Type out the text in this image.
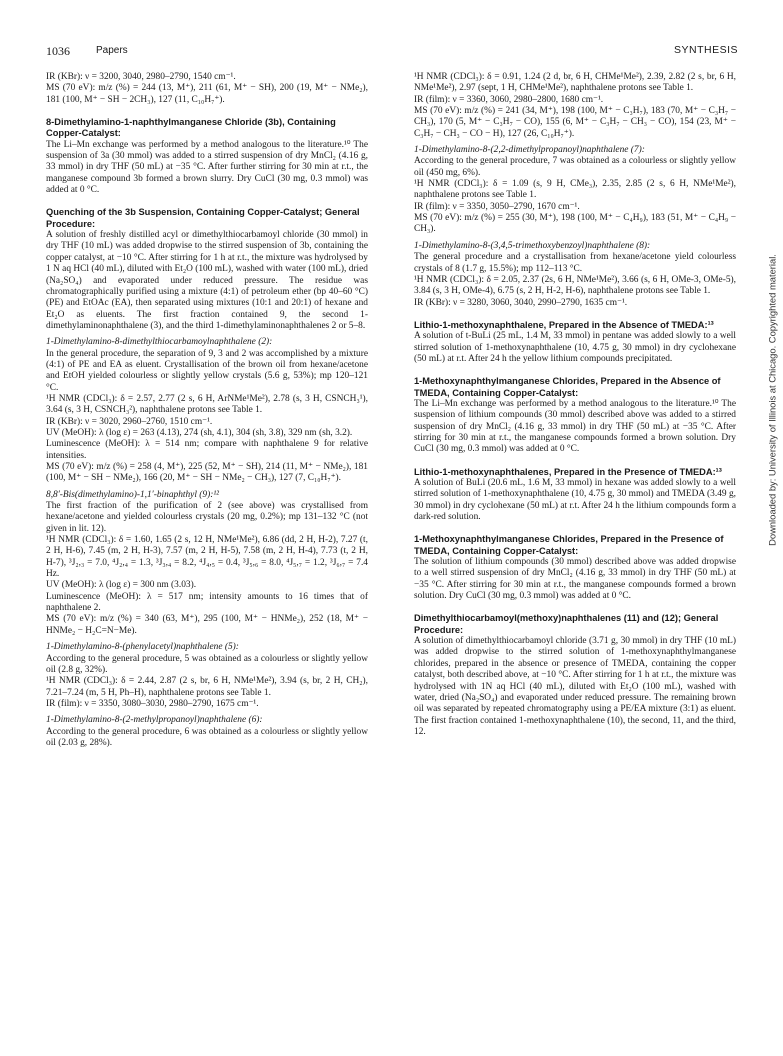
1036	Papers	SYNTHESIS

IR (KBr): ν = 3200, 3040, 2980–2790, 1540 cm⁻¹.

MS (70 eV): m/z (%) = 244 (13, M⁺), 211 (61, M⁺ − SH), 200 (19, M⁺ − NMe₂), 181 (100, M⁺ − SH − 2CH₃), 127 (11, C₁₀H₇⁺).

8-Dimethylamino-1-naphthylmanganese Chloride (3b), Containing Copper-Catalyst:

The Li–Mn exchange was performed by a method analogous to the literature.¹⁰ The suspension of 3a (30 mmol) was added to a stirred suspension of dry MnCl₂ (4.16 g, 33 mmol) in dry THF (50 mL) at −35 °C. After further stirring for 30 min at r.t., the manganese compound 3b formed a brown slurry. Dry CuCl (30 mg, 0.3 mmol) was added at 0 °C.

Quenching of the 3b Suspension, Containing Copper-Catalyst; General Procedure:

A solution of freshly distilled acyl or dimethylthiocarbamoyl chloride (30 mmol) in dry THF (10 mL) was added dropwise to the stirred suspension of 3b, containing the copper catalyst, at −10 °C. After stirring for 1 h at r.t., the mixture was hydrolysed by 1 N aq HCl (40 mL), diluted with Et₂O (100 mL), washed with water (100 mL), dried (Na₂SO₄) and evaporated under reduced pressure. The residue was chromatographically purified using a mixture (4:1) of petroleum ether (bp 40–60 °C) (PE) and EtOAc (EA), then separated using mixtures (10:1 and 20:1) of hexane and Et₂O as eluents. The first fraction contained 9, the second 1-dimethylaminonaphthalene (3), and the third 1-dimethylaminonaphthalenes 2 or 5–8.

1-Dimethylamino-8-dimethylthiocarbamoylnaphthalene (2):

In the general procedure, the separation of 9, 3 and 2 was accomplished by a mixture (4:1) of PE and EA as eluent. Crystallisation of the brown oil from hexane/acetone and EtOH yielded colourless or slightly yellow crystals (5.6 g, 53%); mp 120–121 °C.

¹H NMR (CDCl₃): δ = 2.57, 2.77 (2 s, 6 H, ArNMe¹Me²), 2.78 (s, 3 H, CSNCH₃¹), 3.64 (s, 3 H, CSNCH₃²), naphthalene protons see Table 1.

IR (KBr): ν = 3020, 2960–2760, 1510 cm⁻¹.

UV (MeOH): λ (log ε) = 263 (4.13), 274 (sh, 4.1), 304 (sh, 3.8), 329 nm (sh, 3.2).

Luminescence (MeOH): λ = 514 nm; compare with naphthalene 9 for relative intensities.

MS (70 eV): m/z (%) = 258 (4, M⁺), 225 (52, M⁺ − SH), 214 (11, M⁺ − NMe₂), 181 (100, M⁺ − SH − NMe₂), 166 (20, M⁺ − SH − NMe₂ − CH₃), 127 (7, C₁₀H₇⁺).

8,8′-Bis(dimethylamino)-1,1′-binaphthyl (9):¹²

The first fraction of the purification of 2 (see above) was crystallised from hexane/acetone and yielded colourless crystals (20 mg, 0.2%); mp 131–132 °C (not given in lit. 12).

¹H NMR (CDCl₃): δ = 1.60, 1.65 (2 s, 12 H, NMe¹Me²), 6.86 (dd, 2 H, H-2), 7.27 (t, 2 H, H-6), 7.45 (m, 2 H, H-3), 7.57 (m, 2 H, H-5), 7.58 (m, 2 H, H-4), 7.73 (t, 2 H, H-7), ³J₂,₃ = 7.0, ⁴J₂,₄ = 1.3, ³J₃,₄ = 8.2, ⁴J₄,₅ = 0.4, ³J₅,₆ = 8.0, ⁴J₅,₇ = 1.2, ³J₆,₇ = 7.4 Hz.

UV (MeOH): λ (log ε) = 300 nm (3.03).

Luminescence (MeOH): λ = 517 nm; intensity amounts to 16 times that of naphthalene 2.

MS (70 eV): m/z (%) = 340 (63, M⁺), 295 (100, M⁺ − HNMe₂), 252 (18, M⁺ − HNMe₂ − H₂C=N−Me).

1-Dimethylamino-8-(phenylacetyl)naphthalene (5):

According to the general procedure, 5 was obtained as a colourless or slightly yellow oil (2.8 g, 32%).

¹H NMR (CDCl₃): δ = 2.44, 2.87 (2 s, br, 6 H, NMe¹Me²), 3.94 (s, br, 2 H, CH₂), 7.21–7.24 (m, 5 H, Ph–H), naphthalene protons see Table 1.

IR (film): ν = 3350, 3080–3030, 2980–2790, 1675 cm⁻¹.

1-Dimethylamino-8-(2-methylpropanoyl)naphthalene (6):

According to the general procedure, 6 was obtained as a colourless or slightly yellow oil (2.03 g, 28%).

¹H NMR (CDCl₃): δ = 0.91, 1.24 (2 d, br, 6 H, CHMe¹Me²), 2.39, 2.82 (2 s, br, 6 H, NMe¹Me²), 2.97 (sept, 1 H, CHMe¹Me²), naphthalene protons see Table 1.

IR (film): ν = 3360, 3060, 2980–2800, 1680 cm⁻¹.

MS (70 eV): m/z (%) = 241 (34, M⁺), 198 (100, M⁺ − C₃H₇), 183 (70, M⁺ − C₃H₇ − CH₃), 170 (5, M⁺ − C₃H₇ − CO), 155 (6, M⁺ − C₃H₇ − CH₃ − CO), 154 (23, M⁺ − C₃H₇ − CH₃ − CO − H), 127 (26, C₁₀H₇⁺).

1-Dimethylamino-8-(2,2-dimethylpropanoyl)naphthalene (7):

According to the general procedure, 7 was obtained as a colourless or slightly yellow oil (450 mg, 6%).

¹H NMR (CDCl₃): δ = 1.09 (s, 9 H, CMe₃), 2.35, 2.85 (2 s, 6 H, NMe¹Me²), naphthalene protons see Table 1.

IR (film): ν = 3350, 3050–2790, 1670 cm⁻¹.

MS (70 eV): m/z (%) = 255 (30, M⁺), 198 (100, M⁺ − C₄H₉), 183 (51, M⁺ − C₄H₉ − CH₃).

1-Dimethylamino-8-(3,4,5-trimethoxybenzoyl)naphthalene (8):

The general procedure and a crystallisation from hexane/acetone yield colourless crystals of 8 (1.7 g, 15.5%); mp 112–113 °C.

¹H NMR (CDCl₃): δ = 2.05, 2.37 (2s, 6 H, NMe¹Me²), 3.66 (s, 6 H, OMe-3, OMe-5), 3.84 (s, 3 H, OMe-4), 6.75 (s, 2 H, H-2, H-6), naphthalene protons see Table 1.

IR (KBr): ν = 3280, 3060, 3040, 2990–2790, 1635 cm⁻¹.

Lithio-1-methoxynaphthalene, Prepared in the Absence of TMEDA:¹³

A solution of t-BuLi (25 mL, 1.4 M, 33 mmol) in pentane was added slowly to a well stirred solution of 1-methoxynaphthalene (10, 4.75 g, 30 mmol) in dry cyclohexane (50 mL) at r.t. After 24 h the yellow lithium compounds precipitated.

1-Methoxynaphthylmanganese Chlorides, Prepared in the Absence of TMEDA, Containing Copper-Catalyst:

The Li–Mn exchange was performed by a method analogous to the literature.¹⁰ The suspension of lithium compounds (30 mmol) described above was added to a stirred suspension of dry MnCl₂ (4.16 g, 33 mmol) in dry THF (50 mL) at −35 °C. After stirring for 30 min at r.t., the manganese compounds formed a brown solution. Dry CuCl (30 mg, 0.3 mmol) was added at 0 °C.

Lithio-1-methoxynaphthalenes, Prepared in the Presence of TMEDA:¹³

A solution of BuLi (20.6 mL, 1.6 M, 33 mmol) in hexane was added slowly to a well stirred solution of 1-methoxynaphthalene (10, 4.75 g, 30 mmol) and TMEDA (3.49 g, 30 mmol) in dry cyclohexane (50 mL) at r.t. After 24 h the lithium compounds form a dark-red solution.

1-Methoxynaphthylmanganese Chlorides, Prepared in the Presence of TMEDA, Containing Copper-Catalyst:

The solution of lithium compounds (30 mmol) described above was added dropwise to a well stirred suspension of dry MnCl₂ (4.16 g, 33 mmol) in dry THF (50 mL) at −35 °C. After stirring for 30 min at r.t., the manganese compounds formed a brown solution. Dry CuCl (30 mg, 0.3 mmol) was added at 0 °C.

Dimethylthiocarbamoyl(methoxy)naphthalenes (11) and (12); General Procedure:

A solution of dimethylthiocarbamoyl chloride (3.71 g, 30 mmol) in dry THF (10 mL) was added dropwise to the stirred solution of 1-methoxynaphthylmanganese chlorides, prepared in the absence or presence of TMEDA, containing the copper catalyst, both described above, at −10 °C. After stirring for 1 h at r.t., the mixture was hydrolysed with 1N aq HCl (40 mL), diluted with Et₂O (100 mL), washed with water, dried (Na₂SO₄) and evaporated under reduced pressure. The remaining brown oil was separated by repeated chromatography using a PE/EA mixture (3:1) as eluent. The first fraction contained 1-methoxynaphthalene (10), the second, 11, and the third, 12.

Downloaded by: University of Illinois at Chicago. Copyrighted material.
